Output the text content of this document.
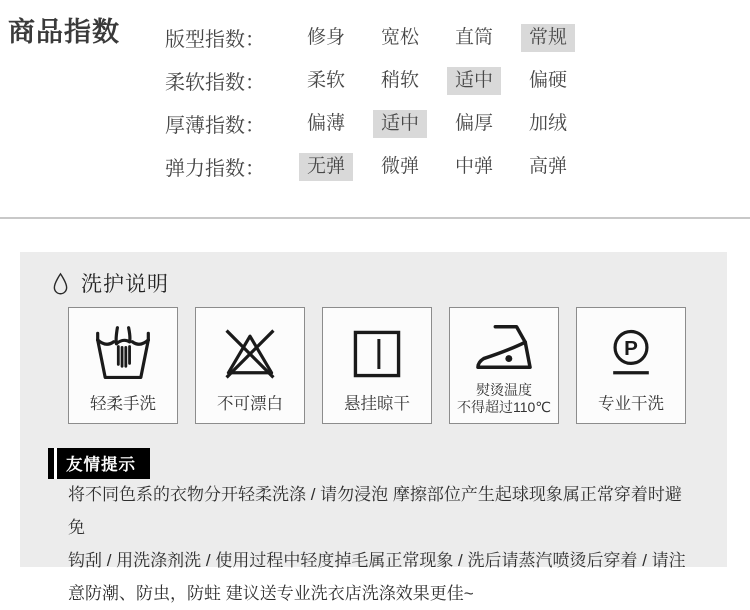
商品指数 版型指数：	修身	宽松	直筒	常规
柔软指数：	柔软	稍软	适中	偏硬
厚薄指数：	偏薄	适中	偏厚	加绒
弹力指数：	无弹	微弹	中弹	高弹
洗护说明
轻柔手洗	不可漂白	悬挂晾干
熨烫温度
不得超过110℃
P
专业干洗
友情提示
将不同色系的衣物分开轻柔洗涤 / 请勿浸泡 摩擦部位产生起球现象属正常穿着时避免
钩刮 / 用洗涤剂洗 / 使用过程中轻度掉毛属正常现象 / 洗后请蒸汽喷烫后穿着 / 请注
意防潮、防虫，防蛀 建议送专业洗衣店洗涤效果更佳~
